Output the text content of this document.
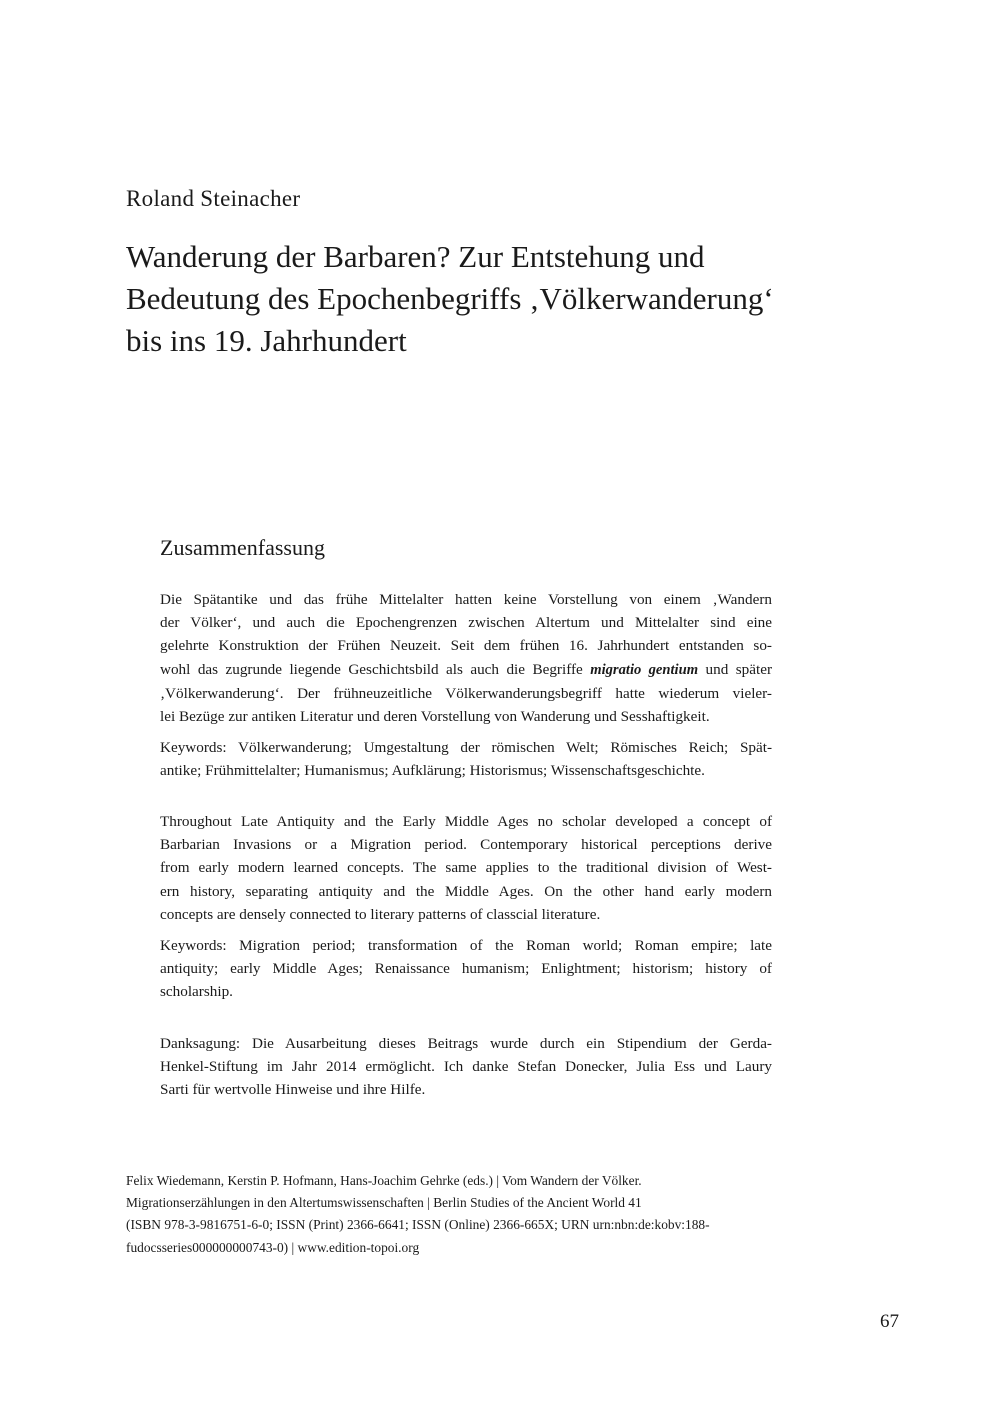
Roland Steinacher
Wanderung der Barbaren? Zur Entstehung und
Bedeutung des Epochenbegriffs ‚Völkerwanderung‘
bis ins 19. Jahrhundert
Zusammenfassung

Die Spätantike und das frühe Mittelalter hatten keine Vorstellung von einem ‚Wandern
der Völker‘, und auch die Epochengrenzen zwischen Altertum und Mittelalter sind eine
gelehrte Konstruktion der Frühen Neuzeit. Seit dem frühen 16. Jahrhundert entstanden so-
wohl das zugrunde liegende Geschichtsbild als auch die Begriffe migratio gentium und später
‚Völkerwanderung‘. Der frühneuzeitliche Völkerwanderungsbegriff hatte wiederum vieler-
lei Bezüge zur antiken Literatur und deren Vorstellung von Wanderung und Sesshaftigkeit.

Keywords: Völkerwanderung; Umgestaltung der römischen Welt; Römisches Reich; Spät-
antike; Frühmittelalter; Humanismus; Aufklärung; Historismus; Wissenschaftsgeschichte.

Throughout Late Antiquity and the Early Middle Ages no scholar developed a concept of
Barbarian Invasions or a Migration period. Contemporary historical perceptions derive
from early modern learned concepts. The same applies to the traditional division of West-
ern history, separating antiquity and the Middle Ages. On the other hand early modern
concepts are densely connected to literary patterns of classcial literature.

Keywords: Migration period; transformation of the Roman world; Roman empire; late
antiquity; early Middle Ages; Renaissance humanism; Enlightment; historism; history of
scholarship.

Danksagung: Die Ausarbeitung dieses Beitrags wurde durch ein Stipendium der Gerda-
Henkel-Stiftung im Jahr 2014 ermöglicht. Ich danke Stefan Donecker, Julia Ess und Laury
Sarti für wertvolle Hinweise und ihre Hilfe.

Felix Wiedemann, Kerstin P. Hofmann, Hans-Joachim Gehrke (eds.) | Vom Wandern der Völker.
Migrationserzählungen in den Altertumswissenschaften | Berlin Studies of the Ancient World 41
(ISBN 978-3-9816751-6-0; ISSN (Print) 2366-6641; ISSN (Online) 2366-665X; URN urn:nbn:de:kobv:188-
fudocsseries000000000743-0) | www.edition-topoi.org

67
